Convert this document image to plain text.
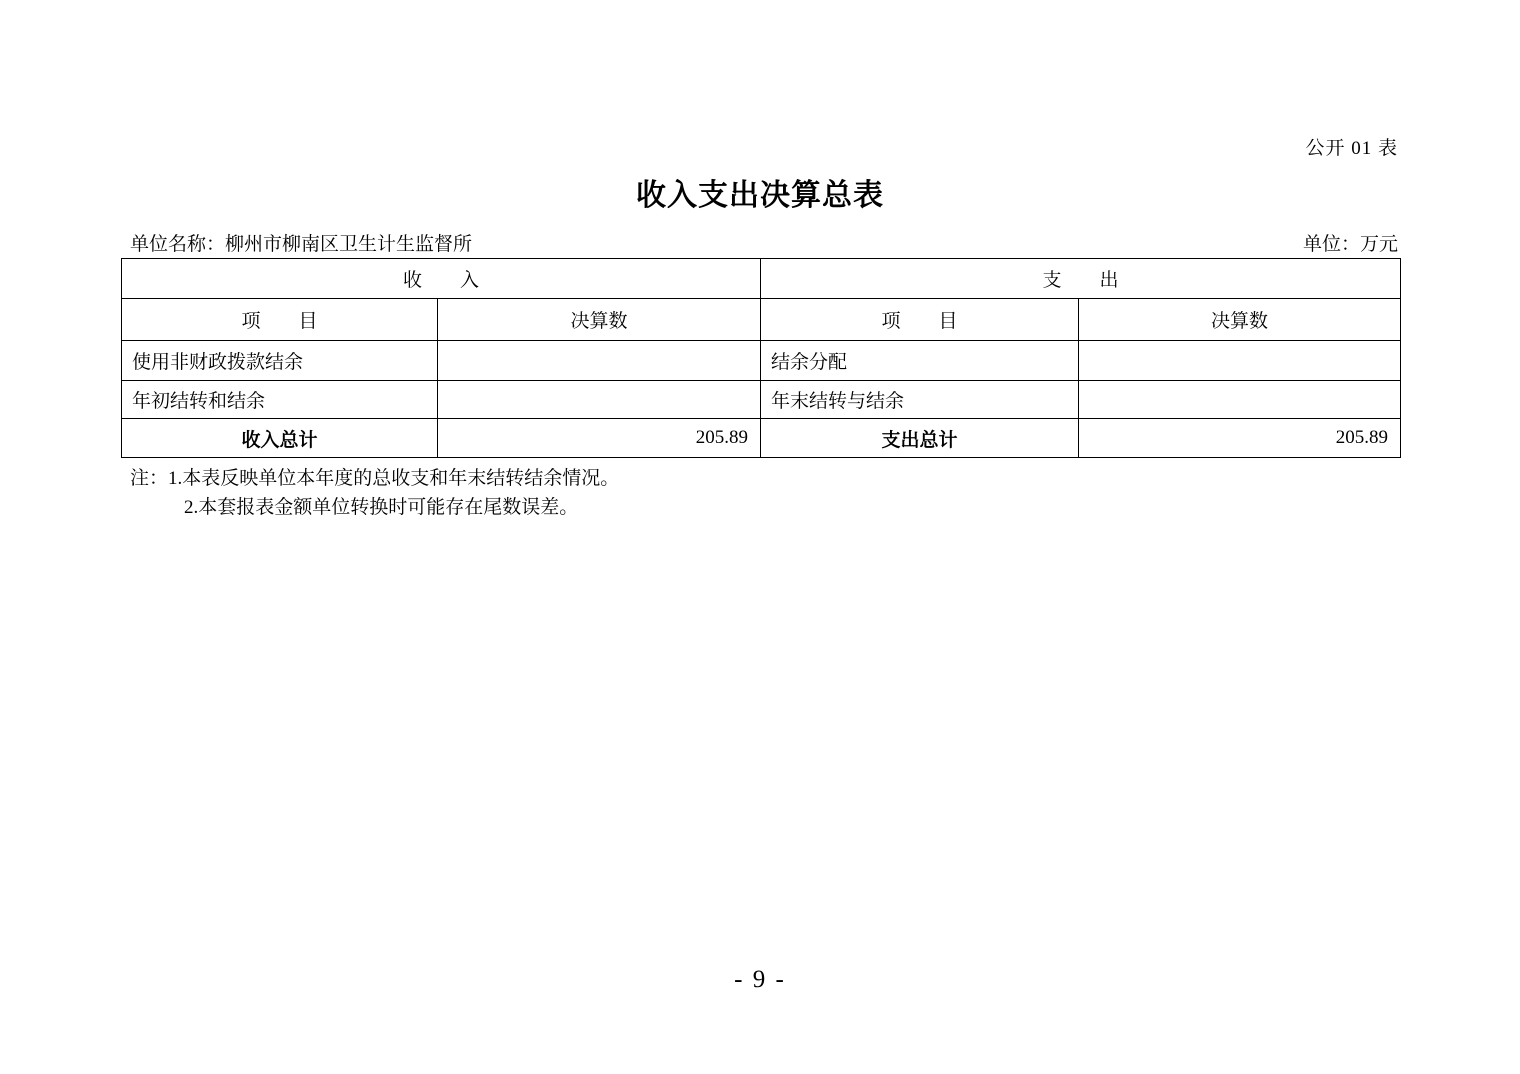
公开 01 表
收入支出决算总表
单位名称：柳州市柳南区卫生计生监督所	单位：万元
收　　入		支　　出	
项　　目	决算数	项　　目	决算数
使用非财政拨款结余		结余分配	
年初结转和结余		年末结转与结余	
收入总计	205.89	支出总计	205.89
注：1.本表反映单位本年度的总收支和年末结转结余情况。
2.本套报表金额单位转换时可能存在尾数误差。
- 9 -
